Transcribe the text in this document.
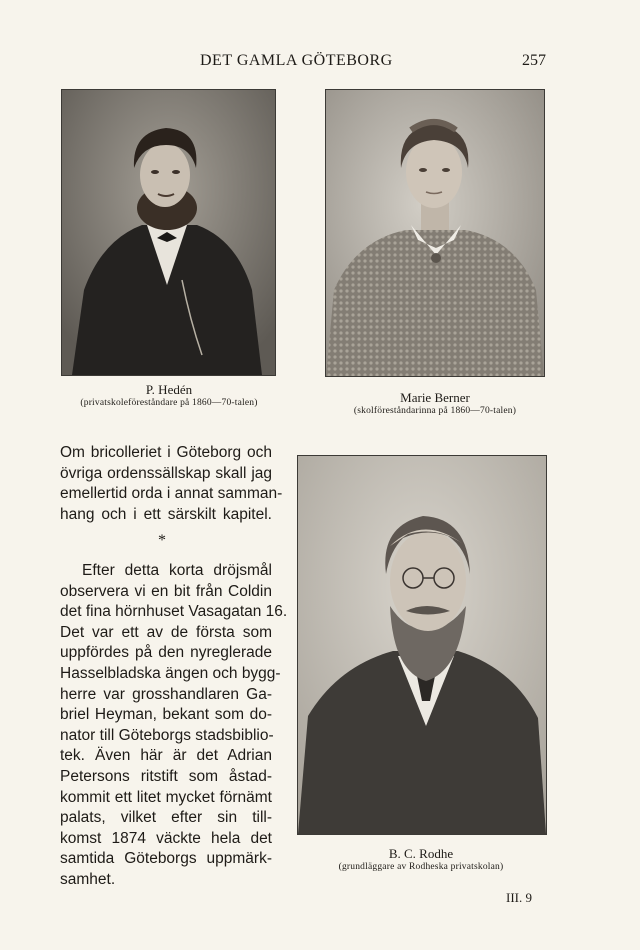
DET GAMLA GÖTEBORG	257
P. Hedén
(privatskoleföreståndare på 1860—70-talen)	Marie Berner
(skolföreståndarinna på 1860—70-talen)
Om bricolleriet i Göteborg och
övriga ordenssällskap skall jag
emellertid orda i annat samman-
hang och i ett särskilt kapitel.
*
Efter detta korta dröjsmål
observera vi en bit från Coldin
det fina hörnhuset Vasagatan 16.
Det var ett av de första som
uppfördes på den nyreglerade
Hasselbladska ängen och bygg-
herre var grosshandlaren Ga-
briel Heyman, bekant som do-
nator till Göteborgs stadsbiblio-
tek. Även här är det Adrian
Petersons ritstift som åstad-
kommit ett litet mycket förnämt
palats, vilket efter sin till-
komst 1874 väckte hela det
samtida Göteborgs uppmärk-
samhet.
B. C. Rodhe
(grundläggare av Rodheska privatskolan)
III. 9
